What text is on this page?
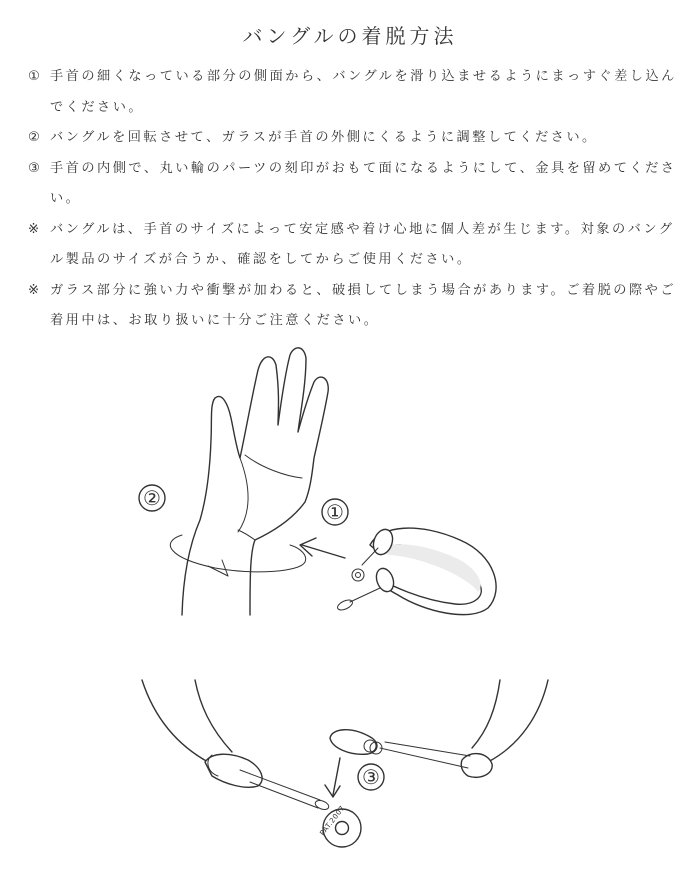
バングルの着脱方法

① 手首の細くなっている部分の側面から、バングルを滑り込ませるようにまっすぐ差し込んでください。

② バングルを回転させて、ガラスが手首の外側にくるように調整してください。

③ 手首の内側で、丸い輪のパーツの刻印がおもて面になるようにして、金具を留めてください。

※ バングルは、手首のサイズによって安定感や着け心地に個人差が生じます。対象のバングル製品のサイズが合うか、確認をしてからご使用ください。

※ ガラス部分に強い力や衝撃が加わると、破損してしまう場合があります。ご着脱の際やご着用中は、お取り扱いに十分ご注意ください。

②
①
PAT.2007
③
